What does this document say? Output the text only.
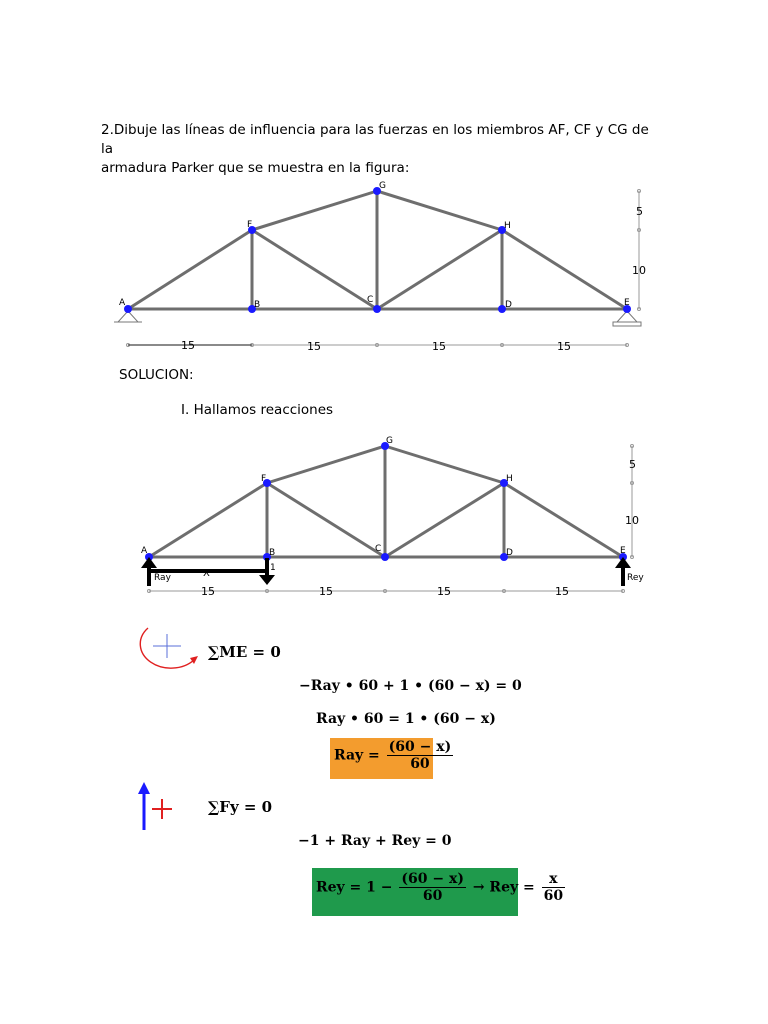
2.Dibuje las líneas de influencia para las fuerzas en los miembros AF, CF y CG de la
armadura Parker que se muestra en la figura:
A	B	C	D	E
F
G
H
5
10
15	15	15	15
SOLUCION:
I. Hallamos reacciones
A	B	C	D	E
F
G
H
Ray	Rey
1
X
5
10
15	15	15	15
∑ME = 0
−Ray • 60 + 1 • (60 − x) = 0
Ray • 60 = 1 • (60 − x)
Ray = $\frac{(60 - x)}{60}$
∑Fy = 0
−1 + Ray + Rey = 0
Rey = $1 - \frac{(60 - x)}{60}$ → Rey = $\frac{x}{60}$
